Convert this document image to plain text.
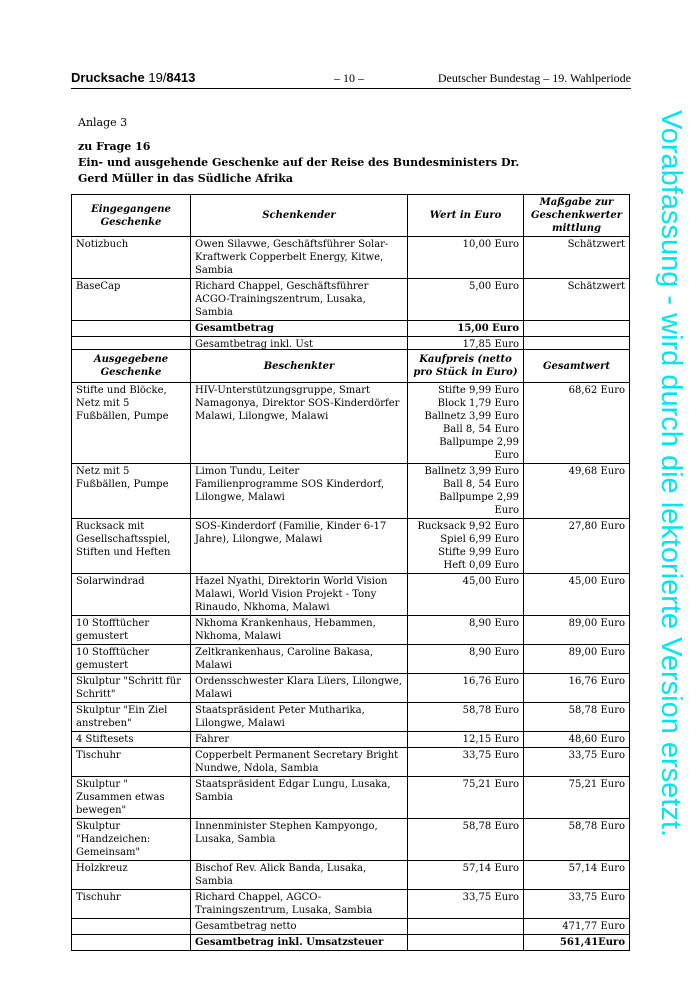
Drucksache 19/8413	– 10 –	Deutscher Bundestag – 19. Wahlperiode
Anlage 3
zu Frage 16
Ein- und ausgehende Geschenke auf der Reise des Bundesministers Dr. Gerd Müller in das Südliche Afrika
Eingegangene Geschenke	Schenkender	Wert in Euro	Maßgabe zur Geschenkwerter mittlung
Notizbuch	Owen Silavwe, Geschäftsführer Solar-Kraftwerk Copperbelt Energy, Kitwe, Sambia	10,00 Euro	Schätzwert
BaseCap	Richard Chappel, Geschäftsführer ACGO-Trainingszentrum, Lusaka, Sambia	5,00 Euro	Schätzwert
	Gesamtbetrag	15,00 Euro	
	Gesamtbetrag inkl. Ust	17,85 Euro	
Ausgegebene Geschenke	Beschenkter	Kaufpreis (netto pro Stück in Euro)	Gesamtwert
Stifte und Blöcke, Netz mit 5 Fußbällen, Pumpe	HIV-Unterstützungsgruppe, Smart Namagonya, Direktor SOS-Kinderdörfer Malawi, Lilongwe, Malawi	Stifte 9,99 Euro
Block 1,79 Euro
Ballnetz 3,99 Euro
Ball 8, 54 Euro
Ballpumpe 2,99 Euro	68,62 Euro
Netz mit 5 Fußbällen, Pumpe	Limon Tundu, Leiter Familienprogramme SOS Kinderdorf, Lilongwe, Malawi	Ballnetz 3,99 Euro
Ball 8, 54 Euro
Ballpumpe 2,99 Euro	49,68 Euro
Rucksack mit Gesellschaftsspiel, Stiften und Heften	SOS-Kinderdorf (Familie, Kinder 6-17 Jahre), Lilongwe, Malawi	Rucksack 9,92 Euro
Spiel 6,99 Euro
Stifte 9,99 Euro
Heft 0,09 Euro	27,80 Euro
Solarwindrad	Hazel Nyathi, Direktorin World Vision Malawi, World Vision Projekt - Tony Rinaudo, Nkhoma, Malawi	45,00 Euro	45,00 Euro
10 Stofftücher gemustert	Nkhoma Krankenhaus, Hebammen, Nkhoma, Malawi	8,90 Euro	89,00 Euro
10 Stofftücher gemustert	Zeltkrankenhaus, Caroline Bakasa, Malawi	8,90 Euro	89,00 Euro
Skulptur "Schritt für Schritt"	Ordensschwester Klara Lüers, Lilongwe, Malawi	16,76 Euro	16,76 Euro
Skulptur "Ein Ziel anstreben"	Staatspräsident Peter Mutharika, Lilongwe, Malawi	58,78 Euro	58,78 Euro
4 Stiftesets	Fahrer	12,15 Euro	48,60 Euro
Tischuhr	Copperbelt Permanent Secretary Bright Nundwe, Ndola, Sambia	33,75 Euro	33,75 Euro
Skulptur " Zusammen etwas bewegen"	Staatspräsident Edgar Lungu, Lusaka, Sambia	75,21 Euro	75,21 Euro
Skulptur "Handzeichen: Gemeinsam"	Innenminister Stephen Kampyongo, Lusaka, Sambia	58,78 Euro	58,78 Euro
Holzkreuz	Bischof Rev. Alick Banda, Lusaka, Sambia	57,14 Euro	57,14 Euro
Tischuhr	Richard Chappel, AGCO-Trainingszentrum, Lusaka, Sambia	33,75 Euro	33,75 Euro
	Gesamtbetrag netto		471,77 Euro
	Gesamtbetrag inkl. Umsatzsteuer		561,41Euro
Vorabfassung - wird durch die lektorierte Version ersetzt.
